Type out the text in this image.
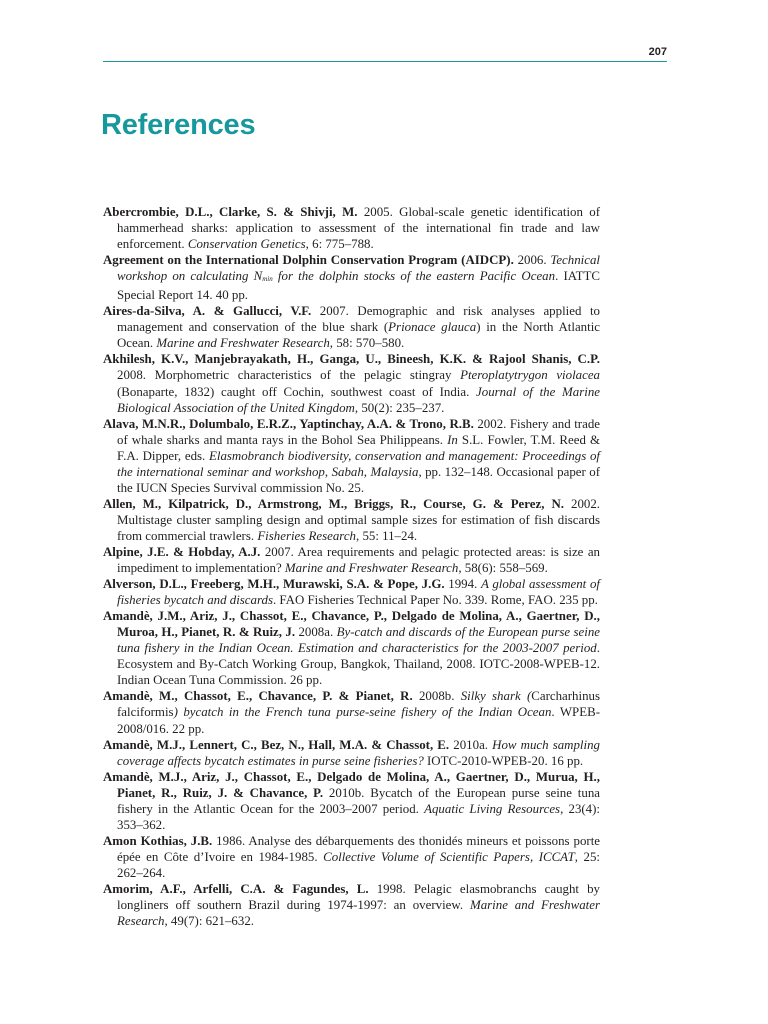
207
References
Abercrombie, D.L., Clarke, S. & Shivji, M. 2005. Global-scale genetic identification of hammerhead sharks: application to assessment of the international fin trade and law enforcement. Conservation Genetics, 6: 775–788.
Agreement on the International Dolphin Conservation Program (AIDCP). 2006. Technical workshop on calculating $N_{min}$ for the dolphin stocks of the eastern Pacific Ocean. IATTC Special Report 14. 40 pp.
Aires-da-Silva, A. & Gallucci, V.F. 2007. Demographic and risk analyses applied to management and conservation of the blue shark (Prionace glauca) in the North Atlantic Ocean. Marine and Freshwater Research, 58: 570–580.
Akhilesh, K.V., Manjebrayakath, H., Ganga, U., Bineesh, K.K. & Rajool Shanis, C.P. 2008. Morphometric characteristics of the pelagic stingray Pteroplatytrygon violacea (Bonaparte, 1832) caught off Cochin, southwest coast of India. Journal of the Marine Biological Association of the United Kingdom, 50(2): 235–237.
Alava, M.N.R., Dolumbalo, E.R.Z., Yaptinchay, A.A. & Trono, R.B. 2002. Fishery and trade of whale sharks and manta rays in the Bohol Sea Philippeans. In S.L. Fowler, T.M. Reed & F.A. Dipper, eds. Elasmobranch biodiversity, conservation and management: Proceedings of the international seminar and workshop, Sabah, Malaysia, pp. 132–148. Occasional paper of the IUCN Species Survival commission No. 25.
Allen, M., Kilpatrick, D., Armstrong, M., Briggs, R., Course, G. & Perez, N. 2002. Multistage cluster sampling design and optimal sample sizes for estimation of fish discards from commercial trawlers. Fisheries Research, 55: 11–24.
Alpine, J.E. & Hobday, A.J. 2007. Area requirements and pelagic protected areas: is size an impediment to implementation? Marine and Freshwater Research, 58(6): 558–569.
Alverson, D.L., Freeberg, M.H., Murawski, S.A. & Pope, J.G. 1994. A global assessment of fisheries bycatch and discards. FAO Fisheries Technical Paper No. 339. Rome, FAO. 235 pp.
Amandè, J.M., Ariz, J., Chassot, E., Chavance, P., Delgado de Molina, A., Gaertner, D., Muroa, H., Pianet, R. & Ruiz, J. 2008a. By-catch and discards of the European purse seine tuna fishery in the Indian Ocean. Estimation and characteristics for the 2003-2007 period. Ecosystem and By-Catch Working Group, Bangkok, Thailand, 2008. IOTC-2008-WPEB-12. Indian Ocean Tuna Commission. 26 pp.
Amandè, M., Chassot, E., Chavance, P. & Pianet, R. 2008b. Silky shark (Carcharhinus falciformis) bycatch in the French tuna purse-seine fishery of the Indian Ocean. WPEB-2008/016. 22 pp.
Amandè, M.J., Lennert, C., Bez, N., Hall, M.A. & Chassot, E. 2010a. How much sampling coverage affects bycatch estimates in purse seine fisheries? IOTC-2010-WPEB-20. 16 pp.
Amandè, M.J., Ariz, J., Chassot, E., Delgado de Molina, A., Gaertner, D., Murua, H., Pianet, R., Ruiz, J. & Chavance, P. 2010b. Bycatch of the European purse seine tuna fishery in the Atlantic Ocean for the 2003–2007 period. Aquatic Living Resources, 23(4): 353–362.
Amon Kothias, J.B. 1986. Analyse des débarquements des thonidés mineurs et poissons porte épée en Côte d’Ivoire en 1984-1985. Collective Volume of Scientific Papers, ICCAT, 25: 262–264.
Amorim, A.F., Arfelli, C.A. & Fagundes, L. 1998. Pelagic elasmobranchs caught by longliners off southern Brazil during 1974-1997: an overview. Marine and Freshwater Research, 49(7): 621–632.
